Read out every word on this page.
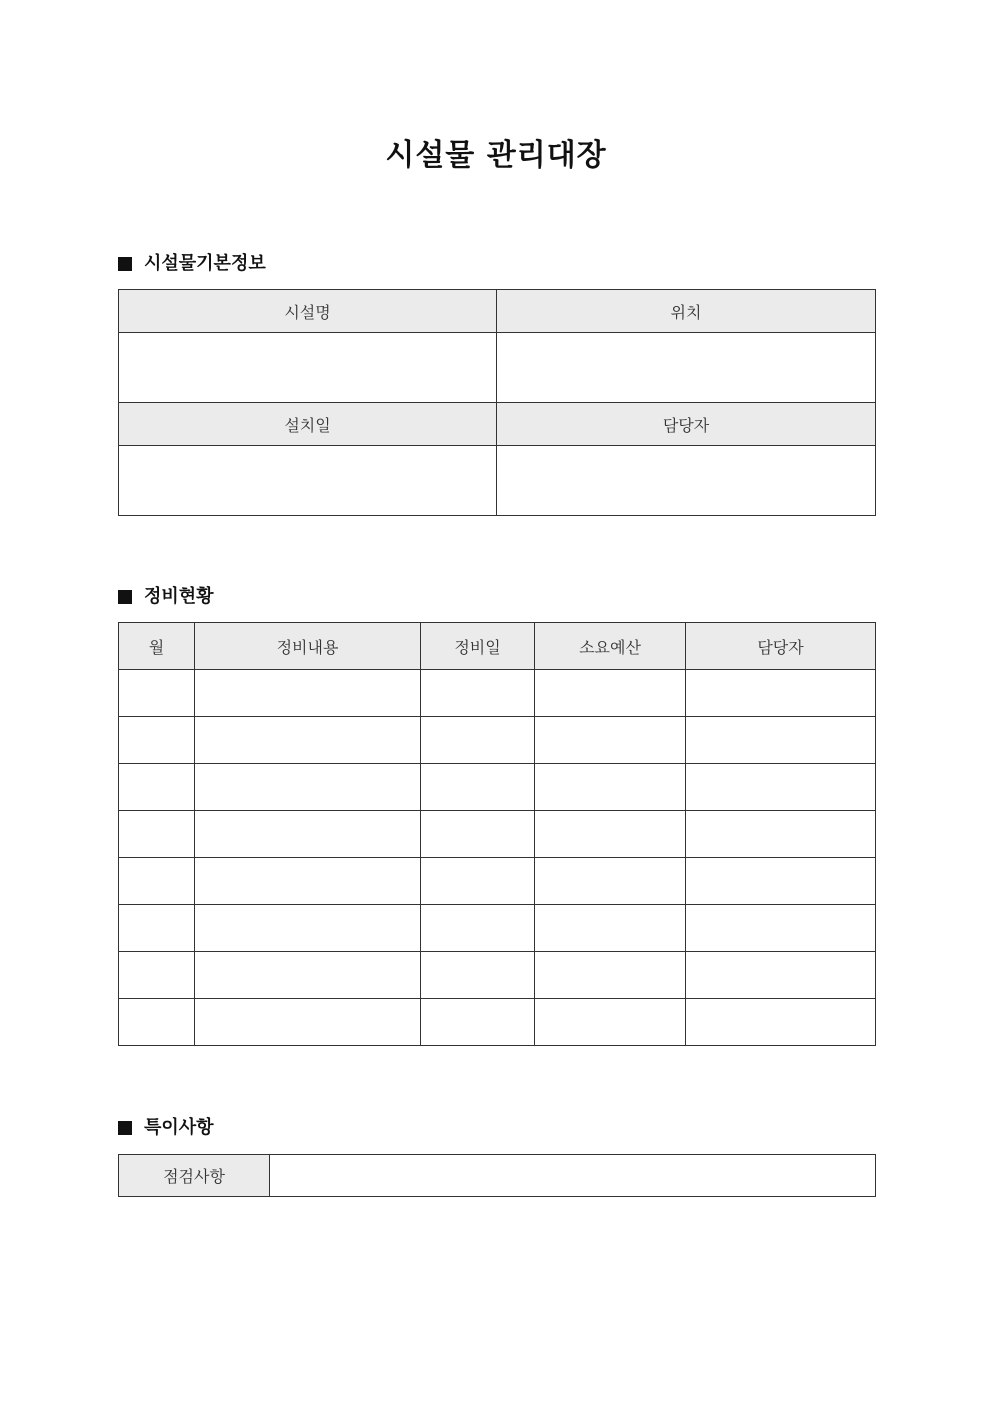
시설물 관리대장
시설물기본정보
시설명	위치

설치일	담당자

정비현황
월	정비내용	정비일	소요예산	담당자

특이사항
점검사항	
